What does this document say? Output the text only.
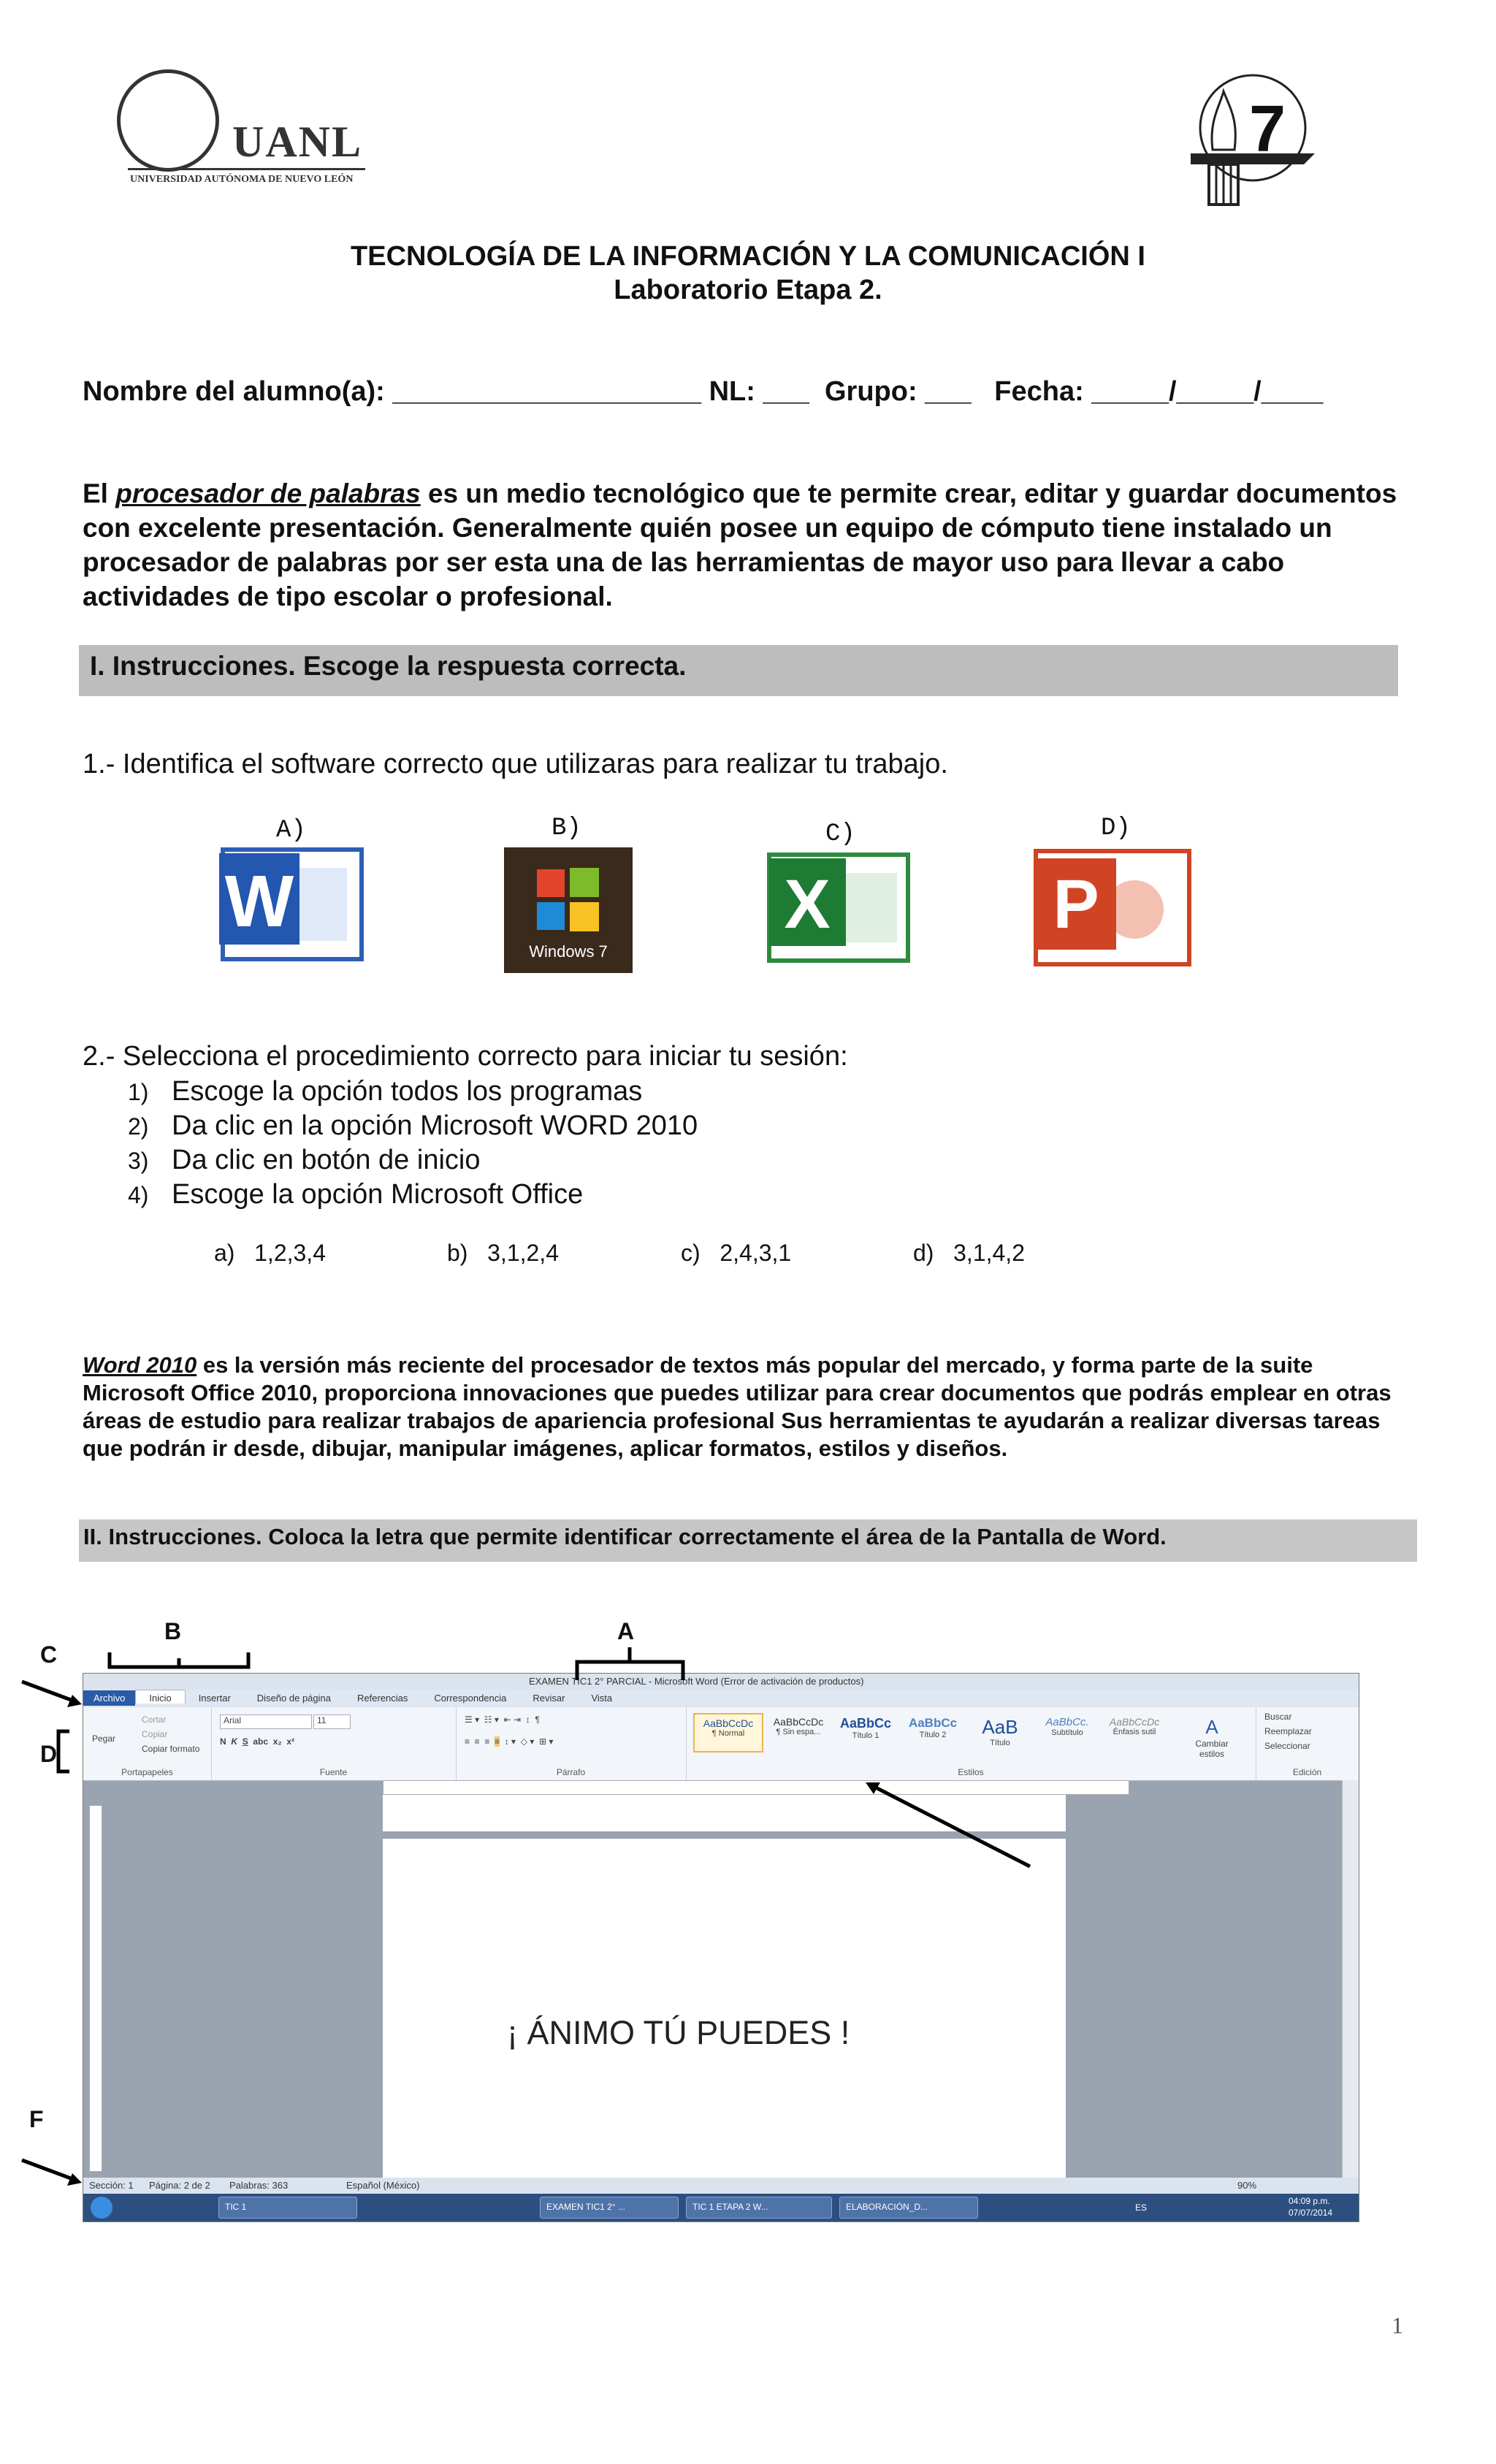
UANL
UNIVERSIDAD AUTÓNOMA DE NUEVO LEÓN
7
TECNOLOGÍA DE LA INFORMACIÓN Y LA COMUNICACIÓN I
Laboratorio Etapa 2.
Nombre del alumno(a): ____________________ NL: ___  Grupo: ___   Fecha: _____/_____/____
El procesador de palabras es un medio tecnológico que te permite crear, editar y guardar documentos con excelente presentación. Generalmente quién posee un equipo de cómputo tiene instalado un procesador de palabras por ser esta una de las herramientas de mayor uso para llevar a cabo actividades de tipo escolar o profesional.
I. Instrucciones. Escoge la respuesta correcta.
1.- Identifica el software correcto que utilizaras para realizar tu trabajo.
A)	B)	C)	D)
W
Windows 7
X	P
2.- Selecciona el procedimiento correcto para iniciar tu sesión:
1) Escoge la opción todos los programas
2) Da clic en la opción Microsoft WORD 2010
3) Da clic en botón de inicio
4) Escoge la opción Microsoft Office
a) 1,2,3,4	b) 3,1,2,4	c) 2,4,3,1	d) 3,1,4,2
Word 2010 es la versión más reciente del procesador de textos más popular del mercado, y forma parte de la suite Microsoft Office 2010, proporciona innovaciones que puedes utilizar para crear documentos que podrás emplear en otras áreas de estudio para realizar trabajos de apariencia profesional Sus herramientas te ayudarán a realizar diversas tareas que podrán ir desde, dibujar, manipular imágenes, aplicar formatos, estilos y diseños.
II. Instrucciones. Coloca la letra que permite identificar correctamente el área de la Pantalla de Word.
B	A
C
D
F
EXAMEN TIC1 2° PARCIAL - Microsoft Word (Error de activación de productos)
Archivo	Inicio	Insertar	Diseño de página	Referencias	Correspondencia	Revisar	Vista
Pegar
Cortar
Copiar
Copiar formato
Portapapeles
Arial	11
N  K S  abc  x₂  x²
Fuente
☰ ▾  ☷ ▾  ⇤ ⇥  ↕  ¶
≡  ≡  ≡  ≡  ↕ ▾  ◇ ▾  ⊞ ▾
Párrafo
AaBbCcDc
¶ Normal
AaBbCcDc
¶ Sin espa...
AaBbCc
Título 1
AaBbCc
Título 2	AaB
Título
AaBbCc.
Subtítulo
AaBbCcDc
Énfasis sutil	A
Cambiar estilos
Estilos
Buscar
Reemplazar
Seleccionar
Edición
¡ ÁNIMO TÚ PUEDES !
Sección: 1 Página: 2 de 2 Palabras: 363	Español (México)	90%
TIC 1	EXAMEN TIC1 2° ...	TIC 1 ETAPA 2 W...	ELABORACIÓN_D...	ES
04:09 p.m.
07/07/2014
1
